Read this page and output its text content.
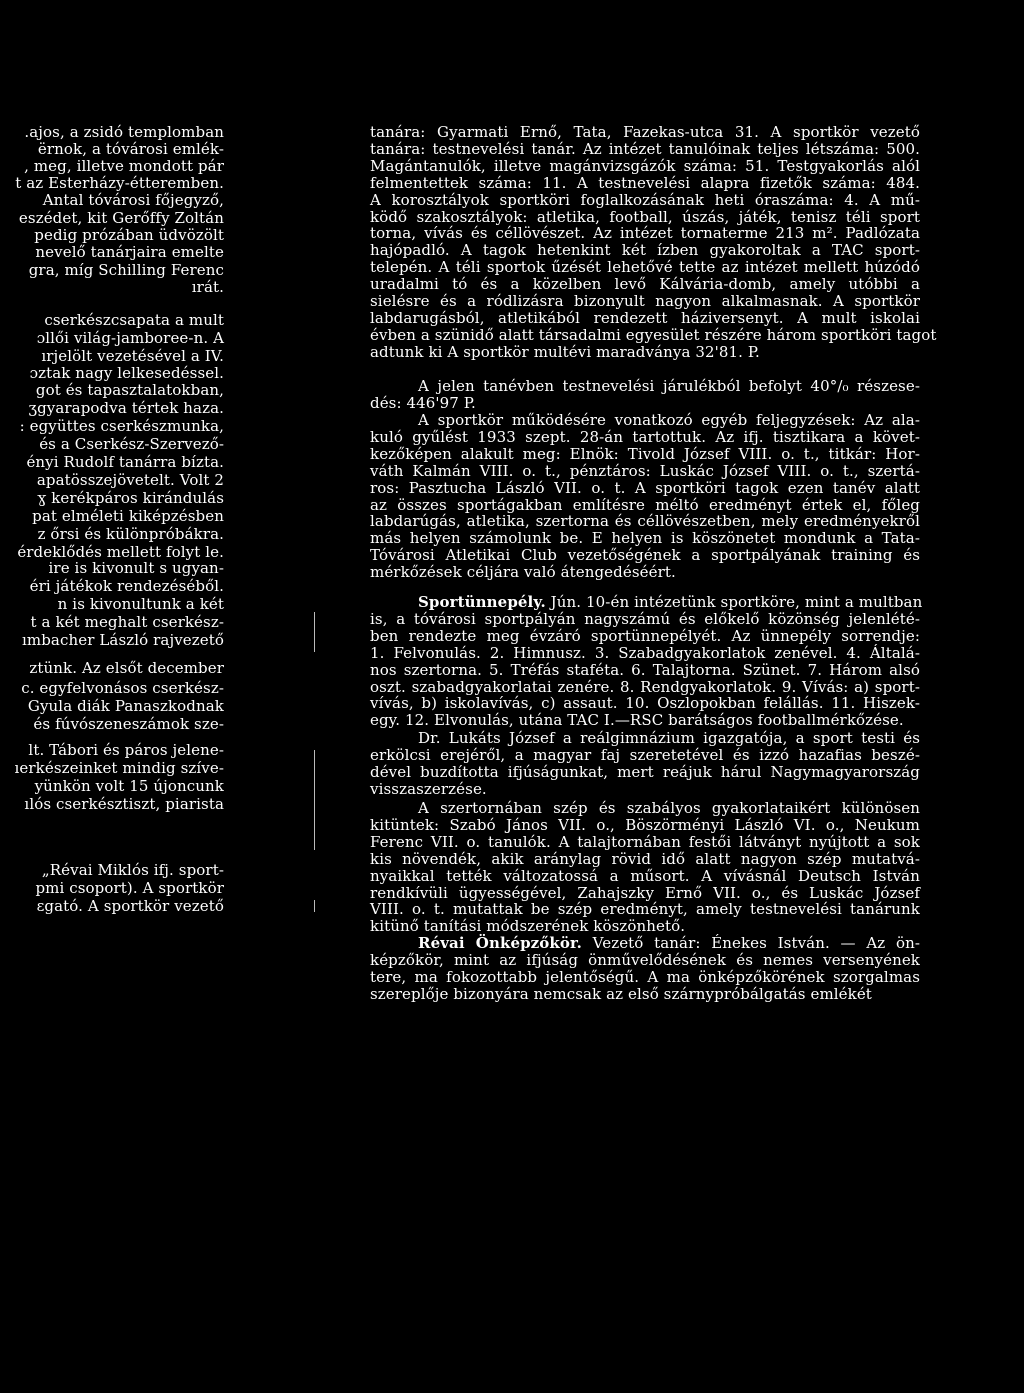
.ajos, a zsidó templomban
ërnok, a tóvárosi emlék-
, meg, illetve mondott pár
t az Esterházy-étteremben.
Antal tóvárosi főjegyző,
eszédet, kit Gerőffy Zoltán
pedig prózában üdvözölt
nevelő tanárjaira emelte
gra, míg Schilling Ferenc
ırát.
cserkészcsapata a mult
ɔllői világ-jamboree-n. A
ırjelölt vezetésével a IV.
ɔztak nagy lelkesedéssel.
got és tapasztalatokban,
ʒgyarapodva tértek haza.
: együttes cserkészmunka,
és a Cserkész-Szervező-
ényi Rudolf tanárra bízta.
apatösszejövetelt. Volt 2
ɣ kerékpáros kirándulás
pat elméleti kiképzésben
z őrsi és különpróbákra.
érdeklődés mellett folyt le.
ire is kivonult s ugyan-
éri játékok rendezéséből.
n is kivonultunk a két
t a két meghalt cserkész-
ımbacher László rajvezető
ztünk. Az elsőt december
c. egyfelvonásos cserkész-
Gyula diák Panaszkodnak
és fúvószeneszámok sze-
lt. Tábori és páros jelene-
ıerkészeinket mindig szíve-
yünkön volt 15 újoncunk
ılós cserkésztiszt, piarista
„Révai Miklós ifj. sport-
pmi csoport). A sportkör
ɛgató. A sportkör vezető
tanára: Gyarmati Ernő, Tata, Fazekas-utca 31. A sportkör vezető
tanára: testnevelési tanár. Az intézet tanulóinak teljes létszáma: 500.
Magántanulók, illetve magánvizsgázók száma: 51. Testgyakorlás alól
felmentettek száma: 11. A testnevelési alapra fizetők száma: 484.
A korosztályok sportköri foglalkozásának heti óraszáma: 4. A mű-
ködő szakosztályok: atletika, football, úszás, játék, tenisz téli sport
torna, vívás és céllövészet. Az intézet tornaterme 213 m². Padlózata
hajópadló. A tagok hetenkint két ízben gyakoroltak a TAC sport-
telepén. A téli sportok űzését lehetővé tette az intézet mellett húzódó
uradalmi tó és a közelben levő Kálvária-domb, amely utóbbi a
sielésre és a ródlizásra bizonyult nagyon alkalmasnak. A sportkör
labdarugásból, atletikából rendezett háziversenyt. A mult iskolai
évben a szünidő alatt társadalmi egyesület részére három sportköri tagot
adtunk ki A sportkör multévi maradványa 32'81. P.
A jelen tanévben testnevelési járulékból befolyt 40°/₀ részese-
dés: 446'97 P.
A sportkör működésére vonatkozó egyéb feljegyzések: Az ala-
kuló gyűlést 1933 szept. 28-án tartottuk. Az ifj. tisztikara a követ-
kezőképen alakult meg: Elnök: Tivold József VIII. o. t., titkár: Hor-
váth Kalmán VIII. o. t., pénztáros: Luskác József VIII. o. t., szertá-
ros: Pasztucha László VII. o. t. A sportköri tagok ezen tanév alatt
az összes sportágakban említésre méltó eredményt értek el, főleg
labdarúgás, atletika, szertorna és céllövészetben, mely eredményekről
más helyen számolunk be. E helyen is köszönetet mondunk a Tata-
Tóvárosi Atletikai Club vezetőségének a sportpályának training és
mérkőzések céljára való átengedéséért.
Sportünnepély. Jún. 10-én intézetünk sportköre, mint a multban
is, a tóvárosi sportpályán nagyszámú és előkelő közönség jelenlété-
ben rendezte meg évzáró sportünnepélyét. Az ünnepély sorrendje:
1. Felvonulás. 2. Himnusz. 3. Szabadgyakorlatok zenével. 4. Általá-
nos szertorna. 5. Tréfás staféta. 6. Talajtorna. Szünet. 7. Három alsó
oszt. szabadgyakorlatai zenére. 8. Rendgyakorlatok. 9. Vívás: a) sport-
vívás, b) iskolavívás, c) assaut. 10. Oszlopokban felállás. 11. Hiszek-
egy. 12. Elvonulás, utána TAC I.—RSC barátságos footballmérkőzése.
Dr. Lukáts József a reálgimnázium igazgatója, a sport testi és
erkölcsi erejéről, a magyar faj szeretetével és izzó hazafias beszé-
dével buzdította ifjúságunkat, mert reájuk hárul Nagymagyarország
visszaszerzése.
A szertornában szép és szabályos gyakorlataikért különösen
kitüntek: Szabó János VII. o., Böszörményi László VI. o., Neukum
Ferenc VII. o. tanulók. A talajtornában festői látványt nyújtott a sok
kis növendék, akik aránylag rövid idő alatt nagyon szép mutatvá-
nyaikkal tették változatossá a műsort. A vívásnál Deutsch István
rendkívüli ügyességével, Zahajszky Ernő VII. o., és Luskác József
VIII. o. t. mutattak be szép eredményt, amely testnevelési tanárunk
kitünő tanítási módszerének köszönhető.
Révai Önképzőkör. Vezető tanár: Énekes István. — Az ön-
képzőkör, mint az ifjúság önművelődésének és nemes versenyének
tere, ma fokozottabb jelentőségű. A ma önképzőkörének szorgalmas
szereplője bizonyára nemcsak az első szárnypróbálgatás emlékét
